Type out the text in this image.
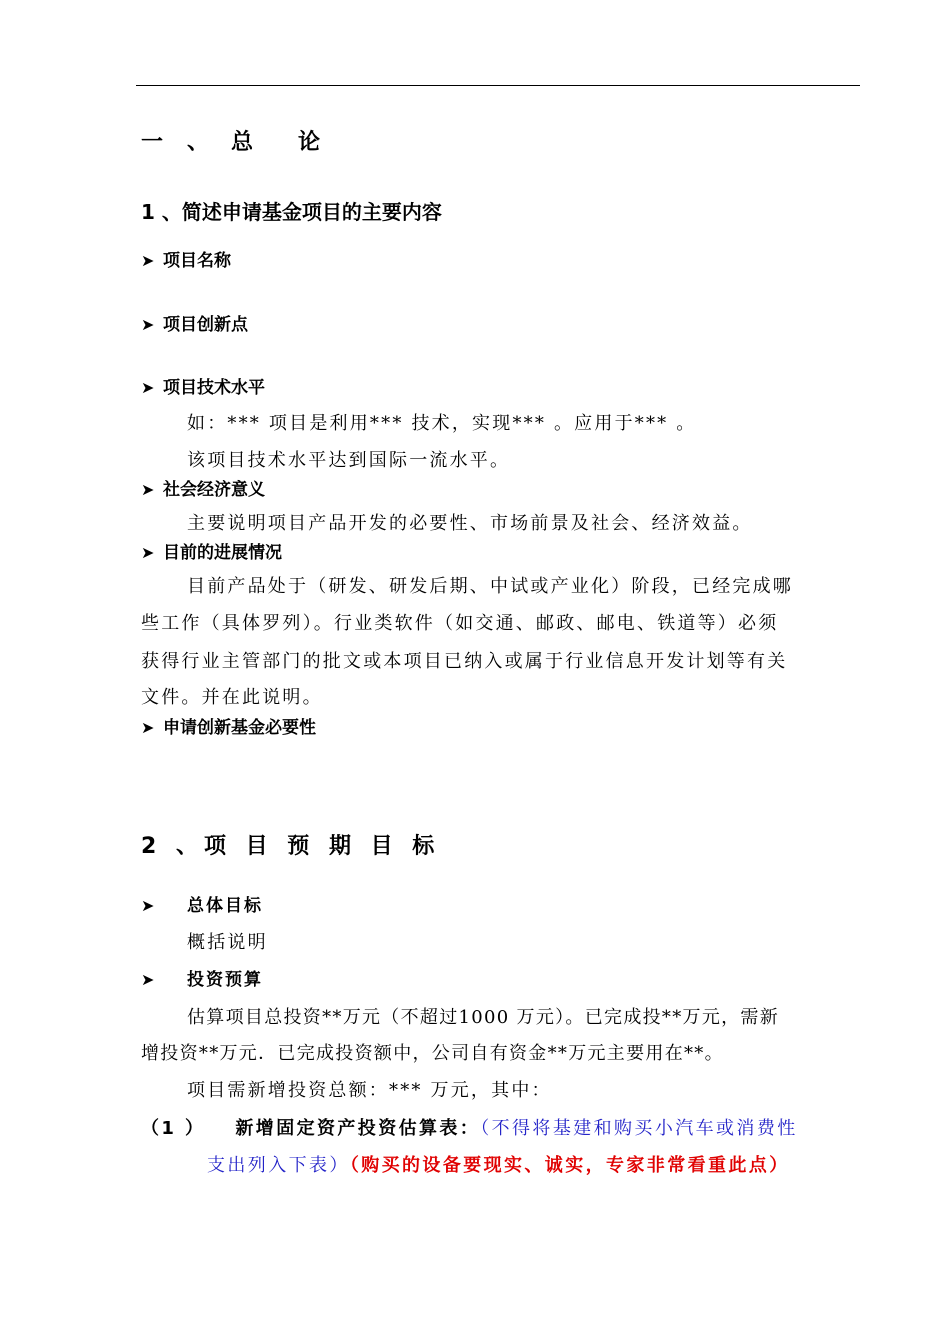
一 、 总 论
1 、简述申请基金项目的主要内容
➤ 项目名称
➤ 项目创新点
➤ 项目技术水平
如：*** 项目是利用*** 技术，实现*** 。应用于*** 。
该项目技术水平达到国际一流水平。
➤ 社会经济意义
主要说明项目产品开发的必要性、市场前景及社会、经济效益。
➤ 目前的进展情况
目前产品处于（研发、研发后期、中试或产业化）阶段，已经完成哪
些工作（具体罗列）。行业类软件（如交通、邮政、邮电、铁道等）必须
获得行业主管部门的批文或本项目已纳入或属于行业信息开发计划等有关
文件。并在此说明。
➤ 申请创新基金必要性
2 、项 目 预 期 目 标
➤ 总体目标
概括说明
➤ 投资预算
估算项目总投资**万元（不超过1000 万元）。已完成投**万元，需新
增投资**万元．已完成投资额中，公司自有资金**万元主要用在**。
项目需新增投资总额：*** 万元，其中：
（1 ） 新增固定资产投资估算表：（不得将基建和购买小汽车或消费性
支出列入下表）（购买的设备要现实、诚实，专家非常看重此点）
